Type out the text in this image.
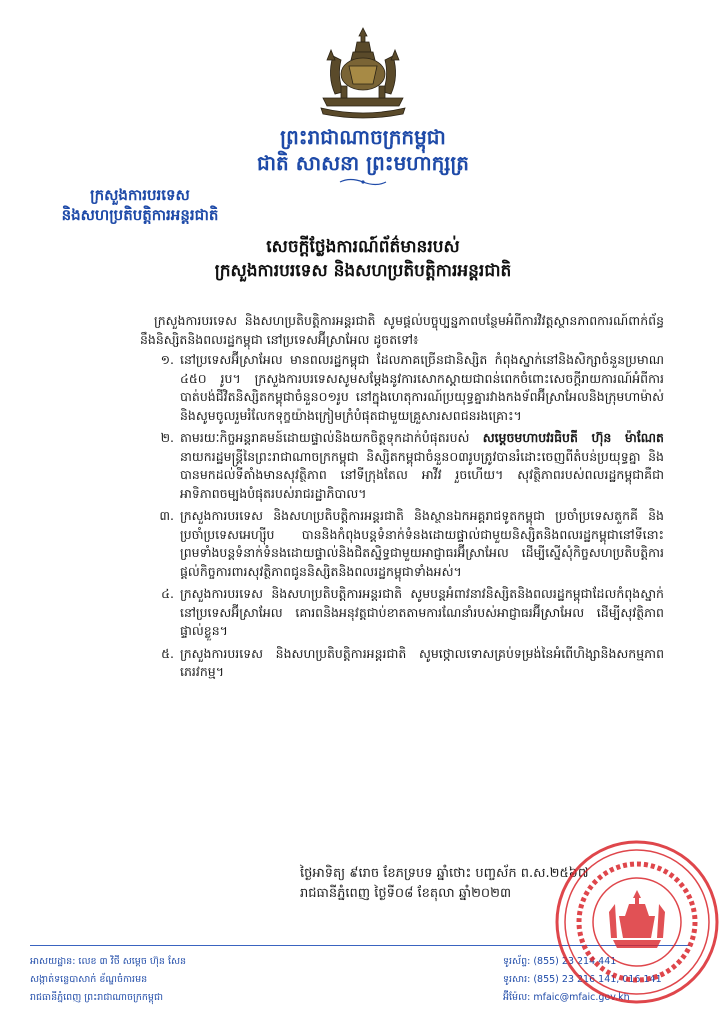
ព្រះរាជាណាចក្រកម្ពុជា
ជាតិ សាសនា ព្រះមហាក្សត្រ
ក្រសួងការបរទេស
និងសហប្រតិបត្តិការអន្តរជាតិ
សេចក្តីថ្លែងការណ៍ព័ត៌មានរបស់
ក្រសួងការបរទេស និងសហប្រតិបត្តិការអន្តរជាតិ

ក្រសួងការបរទេស និងសហប្រតិបត្តិការអន្តរជាតិ សូមផ្តល់បច្ចុប្បន្នភាពបន្ថែមអំពីការវិវត្តស្ថានភាពការណ៍ពាក់ព័ន្ធនឹងនិស្សិតនិងពលរដ្ឋកម្ពុជា នៅប្រទេសអ៊ីស្រាអែល ដូចតទៅ៖

១. នៅប្រទេសអ៊ីស្រាអែល មានពលរដ្ឋកម្ពុជា ដែលភាគច្រើនជានិស្សិត កំពុងស្នាក់នៅនិងសិក្សាចំនួនប្រមាណ ៤៥០ រូប។ ក្រសួងការបរទេសសូមសម្តែងនូវការសោកស្តាយជាពន់ពេកចំពោះសេចក្តីរាយការណ៍អំពីការបាត់បង់ជីវិតនិស្សិតកម្ពុជាចំនួន០១រូប នៅក្នុងហេតុការណ៍ប្រយុទ្ធគ្នារវាងកងទ័ពអ៊ីស្រាអែលនិងក្រុមហាម៉ាស់ និងសូមចូលរួមរំលែកទុក្ខយ៉ាងក្រៀមក្រំបំផុតជាមួយគ្រួសារសពជនរងគ្រោះ។
២. តាមរយៈកិច្ចអន្តរាគមន៍ដោយផ្ទាល់និងយកចិត្តទុកដាក់បំផុតរបស់ សម្តេចមហាបវរធិបតី ហ៊ុន ម៉ាណែត នាយករដ្ឋមន្ត្រីនៃព្រះរាជាណាចក្រកម្ពុជា និស្សិតកម្ពុជាចំនួន០៣រូបត្រូវបានរំដោះចេញពីតំបន់ប្រយុទ្ធគ្នា និងបានមកដល់ទីតាំងមានសុវត្ថិភាព នៅទីក្រុងតែល អាវីវ រួចហើយ។ សុវត្ថិភាពរបស់ពលរដ្ឋកម្ពុជាគឺជាអាទិភាពចម្បងបំផុតរបស់រាជរដ្ឋាភិបាល។
៣. ក្រសួងការបរទេស និងសហប្រតិបត្តិការអន្តរជាតិ និងស្ថានឯកអគ្គរាជទូតកម្ពុជា ប្រចាំប្រទេសតួកគី និង ប្រចាំប្រទេសអេហ្ស៊ីប បាននិងកំពុងបន្តទំនាក់ទំនងដោយផ្ទាល់ជាមួយនិស្សិតនិងពលរដ្ឋកម្ពុជានៅទីនោះ ព្រមទាំងបន្តទំនាក់ទំនងដោយផ្ទាល់និងជិតស្និទ្ធជាមួយអាជ្ញាធរអ៊ីស្រាអែល ដើម្បីស្នើសុំកិច្ចសហប្រតិបត្តិការផ្តល់កិច្ចការពារសុវត្ថិភាពជូននិស្សិតនិងពលរដ្ឋកម្ពុជាទាំងអស់។
៤. ក្រសួងការបរទេស និងសហប្រតិបត្តិការអន្តរជាតិ សូមបន្តអំពាវនាវនិស្សិតនិងពលរដ្ឋកម្ពុជាដែលកំពុងស្នាក់នៅប្រទេសអ៊ីស្រាអែល គោរពនិងអនុវត្តជាប់ខាតតាមការណែនាំរបស់អាជ្ញាធរអ៊ីស្រាអែល ដើម្បីសុវត្ថិភាពផ្ទាល់ខ្លួន។
៥. ក្រសួងការបរទេស និងសហប្រតិបត្តិការអន្តរជាតិ សូមថ្កោលទោសគ្រប់ទម្រង់នៃអំពើហិង្សានិងសកម្មភាពភេរវកម្ម។
ថ្ងៃអាទិត្យ ៩រោច ខែភទ្របទ ឆ្នាំថោះ បញ្ចស័ក ព.ស.២៥៦៧
រាជធានីភ្នំពេញ ថ្ងៃទី០៨ ខែតុលា ឆ្នាំ២០២៣
អាសយដ្ឋាន: លេខ ៣ វិថី សម្តេច ហ៊ុន សែន
សង្កាត់ទន្លេបាសាក់ ខ័ណ្ឌចំការមន
រាជធានីភ្នំពេញ ព្រះរាជាណាចក្រកម្ពុជា
ទូរស័ព្ទ: (855) 23 214 441
ទូរសារ: (855) 23 216 141, 016 141
អ៊ីម៉ែល: mfaic@mfaic.gov.kh
